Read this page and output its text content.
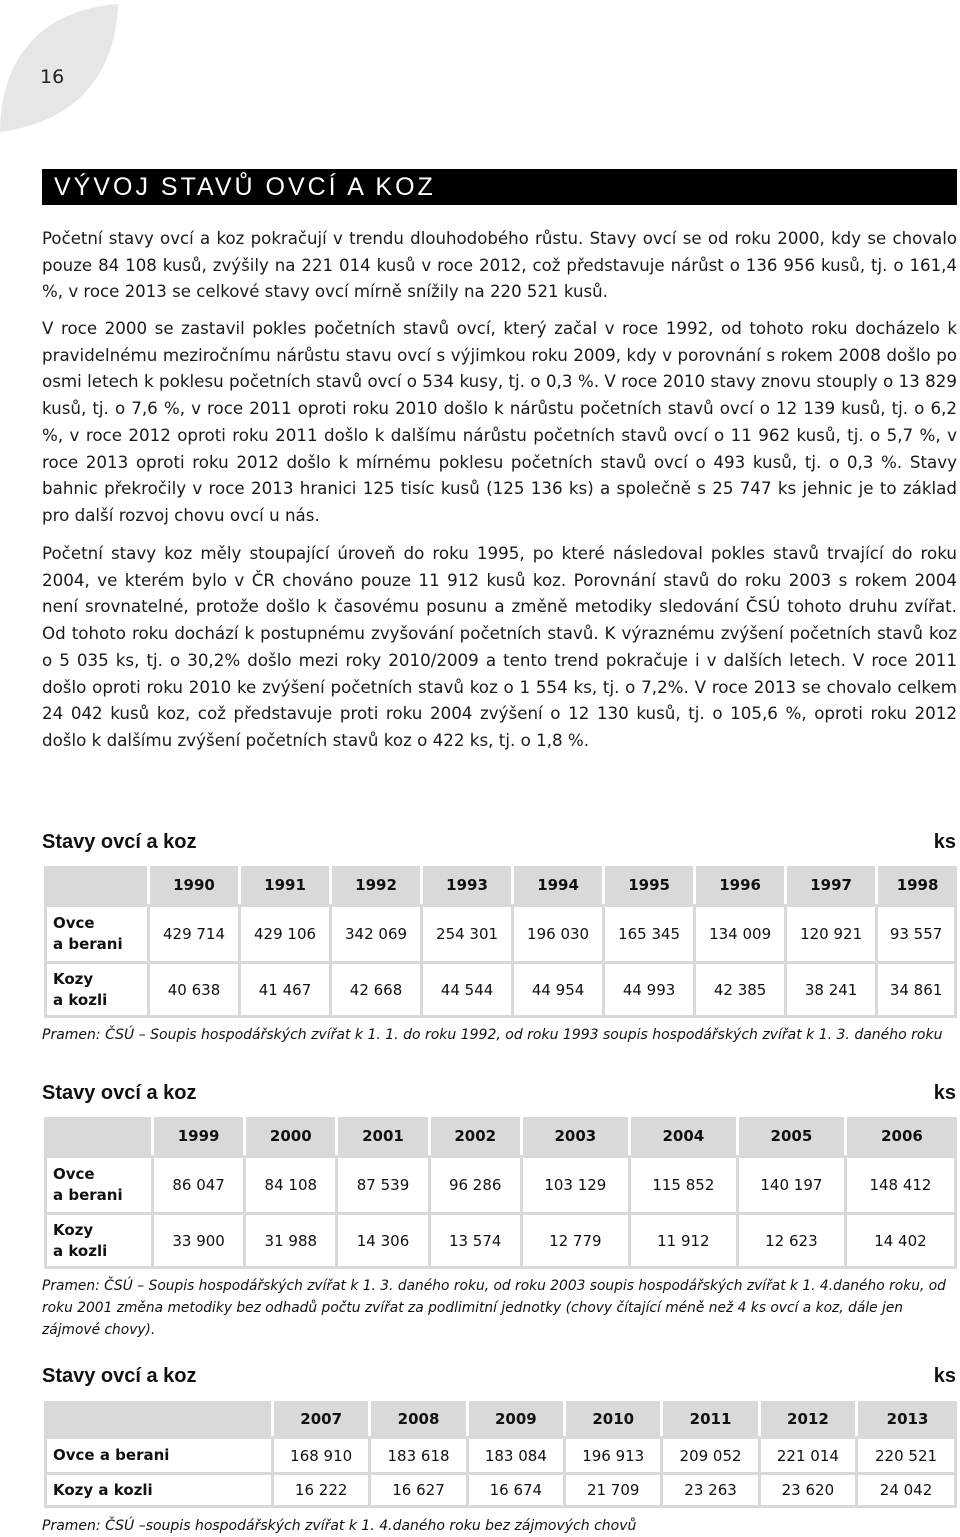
16
VÝVOJ STAVŮ OVCÍ A KOZ

Početní stavy ovcí a koz pokračují v trendu dlouhodobého růstu. Stavy ovcí se od roku 2000, kdy se chovalo pouze 84 108 kusů, zvýšily na 221 014 kusů v roce 2012, což představuje nárůst o 136 956 kusů, tj. o 161,4 %, v roce 2013 se celkové stavy ovcí mírně snížily na 220 521 kusů.

V roce 2000 se zastavil pokles početních stavů ovcí, který začal v roce 1992, od tohoto roku docházelo k pravidelnému meziročnímu nárůstu stavu ovcí s výjimkou roku 2009, kdy v porovnání s rokem 2008 došlo po osmi letech k poklesu početních stavů ovcí o 534 kusy, tj. o 0,3 %. V roce 2010 stavy znovu stouply o 13 829 kusů, tj. o 7,6 %, v roce 2011 oproti roku 2010 došlo k nárůstu početních stavů ovcí o 12 139 kusů, tj. o 6,2 %, v roce 2012 oproti roku 2011 došlo k dalšímu nárůstu početních stavů ovcí o 11 962 kusů, tj. o 5,7 %, v roce 2013 oproti roku 2012 došlo k mírnému poklesu početních stavů ovcí o 493 kusů, tj. o 0,3 %. Stavy bahnic překročily v roce 2013 hranici 125 tisíc kusů (125 136 ks) a společně s 25 747 ks jehnic je to základ pro další rozvoj chovu ovcí u nás.

Početní stavy koz měly stoupající úroveň do roku 1995, po které následoval pokles stavů trvající do roku 2004, ve kterém bylo v ČR chováno pouze 11 912 kusů koz. Porovnání stavů do roku 2003 s rokem 2004 není srovnatelné, protože došlo k časovému posunu a změně metodiky sledování ČSÚ tohoto druhu zvířat. Od tohoto roku dochází k postupnému zvyšování početních stavů. K výraznému zvýšení početních stavů koz o 5 035 ks, tj. o 30,2% došlo mezi roky 2010/2009 a tento trend pokračuje i v dalších letech. V roce 2011 došlo oproti roku 2010 ke zvýšení početních stavů koz o 1 554 ks, tj. o 7,2%. V roce 2013 se chovalo celkem 24 042 kusů koz, což představuje proti roku 2004 zvýšení o 12 130 kusů, tj. o 105,6 %, oproti roku 2012 došlo k dalšímu zvýšení početních stavů koz o 422 ks, tj. o 1,8 %.

Stavy ovcí a koz	ks
	1990	1991	1992	1993	1994	1995	1996	1997	1998
Ovce
a berani	429 714	429 106	342 069	254 301	196 030	165 345	134 009	120 921	93 557
Kozy
a kozli	40 638	41 467	42 668	44 544	44 954	44 993	42 385	38 241	34 861
Pramen: ČSÚ – Soupis hospodářských zvířat k 1. 1. do roku 1992, od roku 1993 soupis hospodářských zvířat k 1. 3. daného roku
Stavy ovcí a koz	ks
	1999	2000	2001	2002	2003	2004	2005	2006
Ovce
a berani	86 047	84 108	87 539	96 286	103 129	115 852	140 197	148 412
Kozy
a kozli	33 900	31 988	14 306	13 574	12 779	11 912	12 623	14 402
Pramen: ČSÚ – Soupis hospodářských zvířat k 1. 3. daného roku, od roku 2003 soupis hospodářských zvířat k 1. 4.daného roku, od roku 2001 změna metodiky bez odhadů počtu zvířat za podlimitní jednotky (chovy čítající méně než 4 ks ovcí a koz, dále jen zájmové chovy).
Stavy ovcí a koz	ks
	2007	2008	2009	2010	2011	2012	2013
Ovce a berani	168 910	183 618	183 084	196 913	209 052	221 014	220 521
Kozy a kozli	16 222	16 627	16 674	21 709	23 263	23 620	24 042
Pramen: ČSÚ –soupis hospodářských zvířat k 1. 4.daného roku bez zájmových chovů
